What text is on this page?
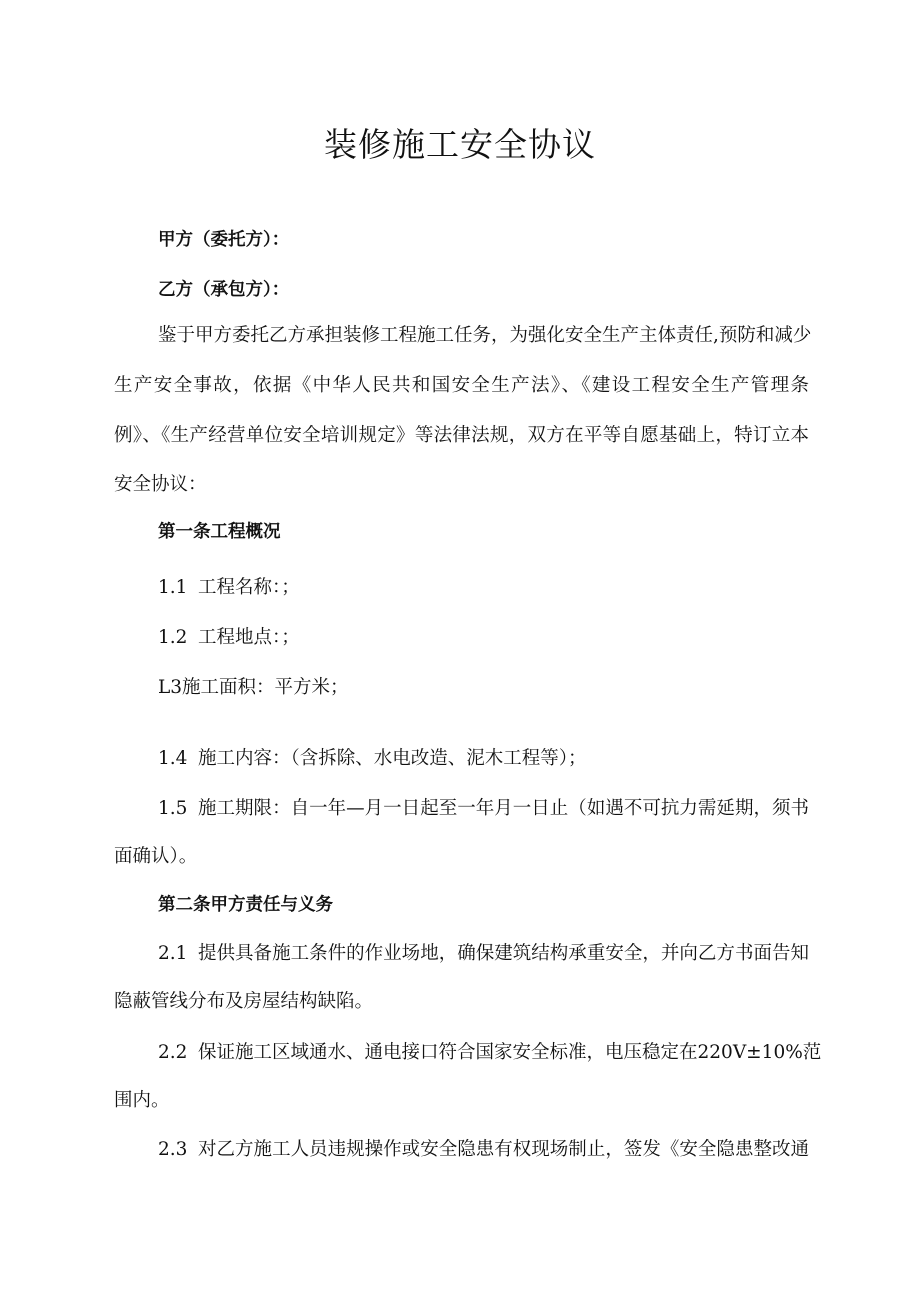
装修施工安全协议
甲方（委托方）：
乙方（承包方）：
鉴于甲方委托乙方承担装修工程施工任务，为强化安全生产主体责任,预防和减少
生产安全事故，依据《中华人民共和国安全生产法》、《建设工程安全生产管理条
例》、《生产经营单位安全培训规定》等法律法规，双方在平等自愿基础上，特订立本
安全协议：
第一条工程概况
1.1 工程名称：；
1.2 工程地点：；
L3施工面积：平方米；
1.4 施工内容：（含拆除、水电改造、泥木工程等）；
1.5 施工期限：自一年—月一日起至一年月一日止（如遇不可抗力需延期，须书
面确认）。
第二条甲方责任与义务
2.1 提供具备施工条件的作业场地，确保建筑结构承重安全，并向乙方书面告知
隐蔽管线分布及房屋结构缺陷。
2.2 保证施工区域通水、通电接口符合国家安全标准，电压稳定在220V±10%范
围内。
2.3 对乙方施工人员违规操作或安全隐患有权现场制止，签发《安全隐患整改通
